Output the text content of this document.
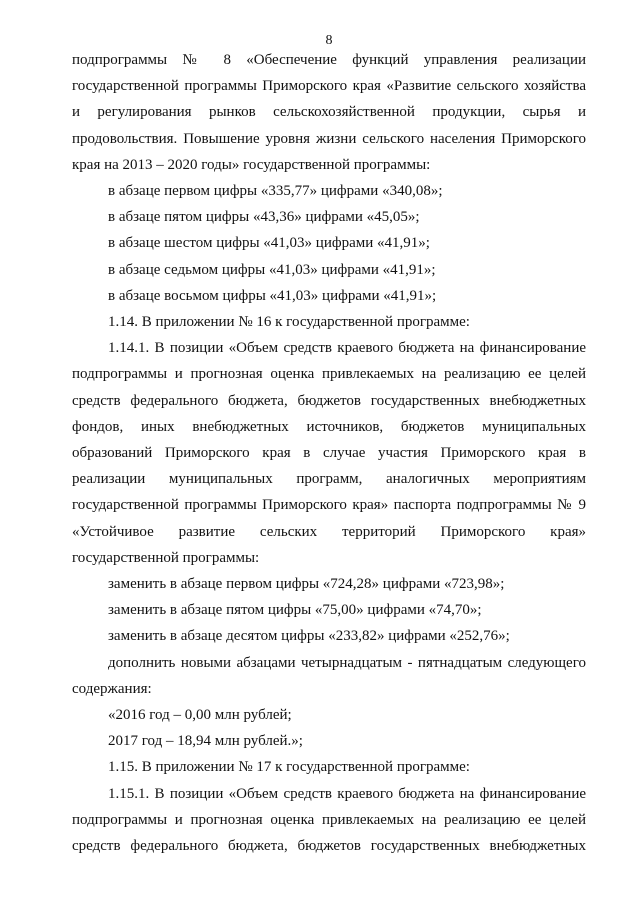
8

подпрограммы № 8 «Обеспечение функций управления реализации государственной программы Приморского края «Развитие сельского хозяйства и регулирования рынков сельскохозяйственной продукции, сырья и продовольствия. Повышение уровня жизни сельского населения Приморского края на 2013 – 2020 годы» государственной программы:

в абзаце первом цифры «335,77» цифрами «340,08»;

в абзаце пятом цифры «43,36» цифрами «45,05»;

в абзаце шестом цифры «41,03» цифрами «41,91»;

в абзаце седьмом цифры «41,03» цифрами «41,91»;

в абзаце восьмом цифры «41,03» цифрами «41,91»;

1.14. В приложении № 16 к государственной программе:

1.14.1. В позиции «Объем средств краевого бюджета на финансирование подпрограммы и прогнозная оценка привлекаемых на реализацию ее целей средств федерального бюджета, бюджетов государственных внебюджетных фондов, иных внебюджетных источников, бюджетов муниципальных образований Приморского края в случае участия Приморского края в реализации муниципальных программ, аналогичных мероприятиям государственной программы Приморского края» паспорта подпрограммы № 9 «Устойчивое развитие сельских территорий Приморского края» государственной программы:

заменить в абзаце первом цифры «724,28» цифрами «723,98»;

заменить в абзаце пятом цифры «75,00» цифрами «74,70»;

заменить в абзаце десятом цифры «233,82» цифрами «252,76»;

дополнить новыми абзацами четырнадцатым - пятнадцатым следующего содержания:

«2016 год – 0,00 млн рублей;

2017 год – 18,94 млн рублей.»;

1.15. В приложении № 17 к государственной программе:

1.15.1. В позиции «Объем средств краевого бюджета на финансирование подпрограммы и прогнозная оценка привлекаемых на реализацию ее целей средств федерального бюджета, бюджетов государственных внебюджетных
